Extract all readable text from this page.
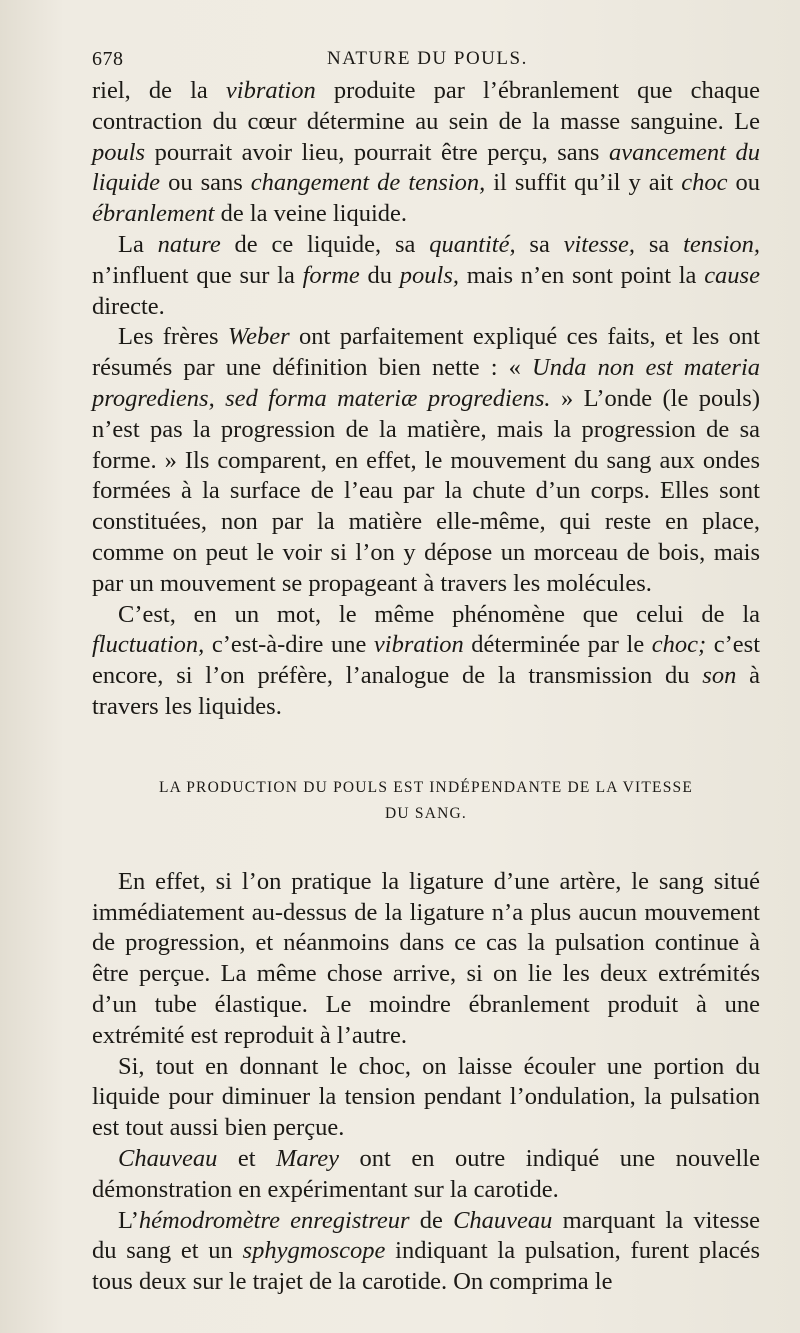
678	NATURE DU POULS.

riel, de la vibration produite par l’ébranlement que chaque contraction du cœur détermine au sein de la masse sanguine. Le pouls pourrait avoir lieu, pourrait être perçu, sans avancement du liquide ou sans changement de tension, il suffit qu’il y ait choc ou ébranlement de la veine liquide.

La nature de ce liquide, sa quantité, sa vitesse, sa tension, n’influent que sur la forme du pouls, mais n’en sont point la cause directe.

Les frères Weber ont parfaitement expliqué ces faits, et les ont résumés par une définition bien nette : « Unda non est materia progrediens, sed forma materiæ progrediens. » L’onde (le pouls) n’est pas la progression de la matière, mais la progression de sa forme. » Ils comparent, en effet, le mouvement du sang aux ondes formées à la surface de l’eau par la chute d’un corps. Elles sont constituées, non par la matière elle-même, qui reste en place, comme on peut le voir si l’on y dépose un morceau de bois, mais par un mouvement se propageant à travers les molécules.

C’est, en un mot, le même phénomène que celui de la fluctuation, c’est-à-dire une vibration déterminée par le choc; c’est encore, si l’on préfère, l’analogue de la transmission du son à travers les liquides.

LA PRODUCTION DU POULS EST INDÉPENDANTE DE LA VITESSE
DU SANG.

En effet, si l’on pratique la ligature d’une artère, le sang situé immédiatement au-dessus de la ligature n’a plus aucun mouvement de progression, et néanmoins dans ce cas la pulsation continue à être perçue. La même chose arrive, si on lie les deux extrémités d’un tube élastique. Le moindre ébranlement produit à une extrémité est reproduit à l’autre.

Si, tout en donnant le choc, on laisse écouler une portion du liquide pour diminuer la tension pendant l’ondulation, la pulsation est tout aussi bien perçue.

Chauveau et Marey ont en outre indiqué une nouvelle démonstration en expérimentant sur la carotide.

L’hémodromètre enregistreur de Chauveau marquant la vitesse du sang et un sphygmoscope indiquant la pulsation, furent placés tous deux sur le trajet de la carotide. On comprima le
